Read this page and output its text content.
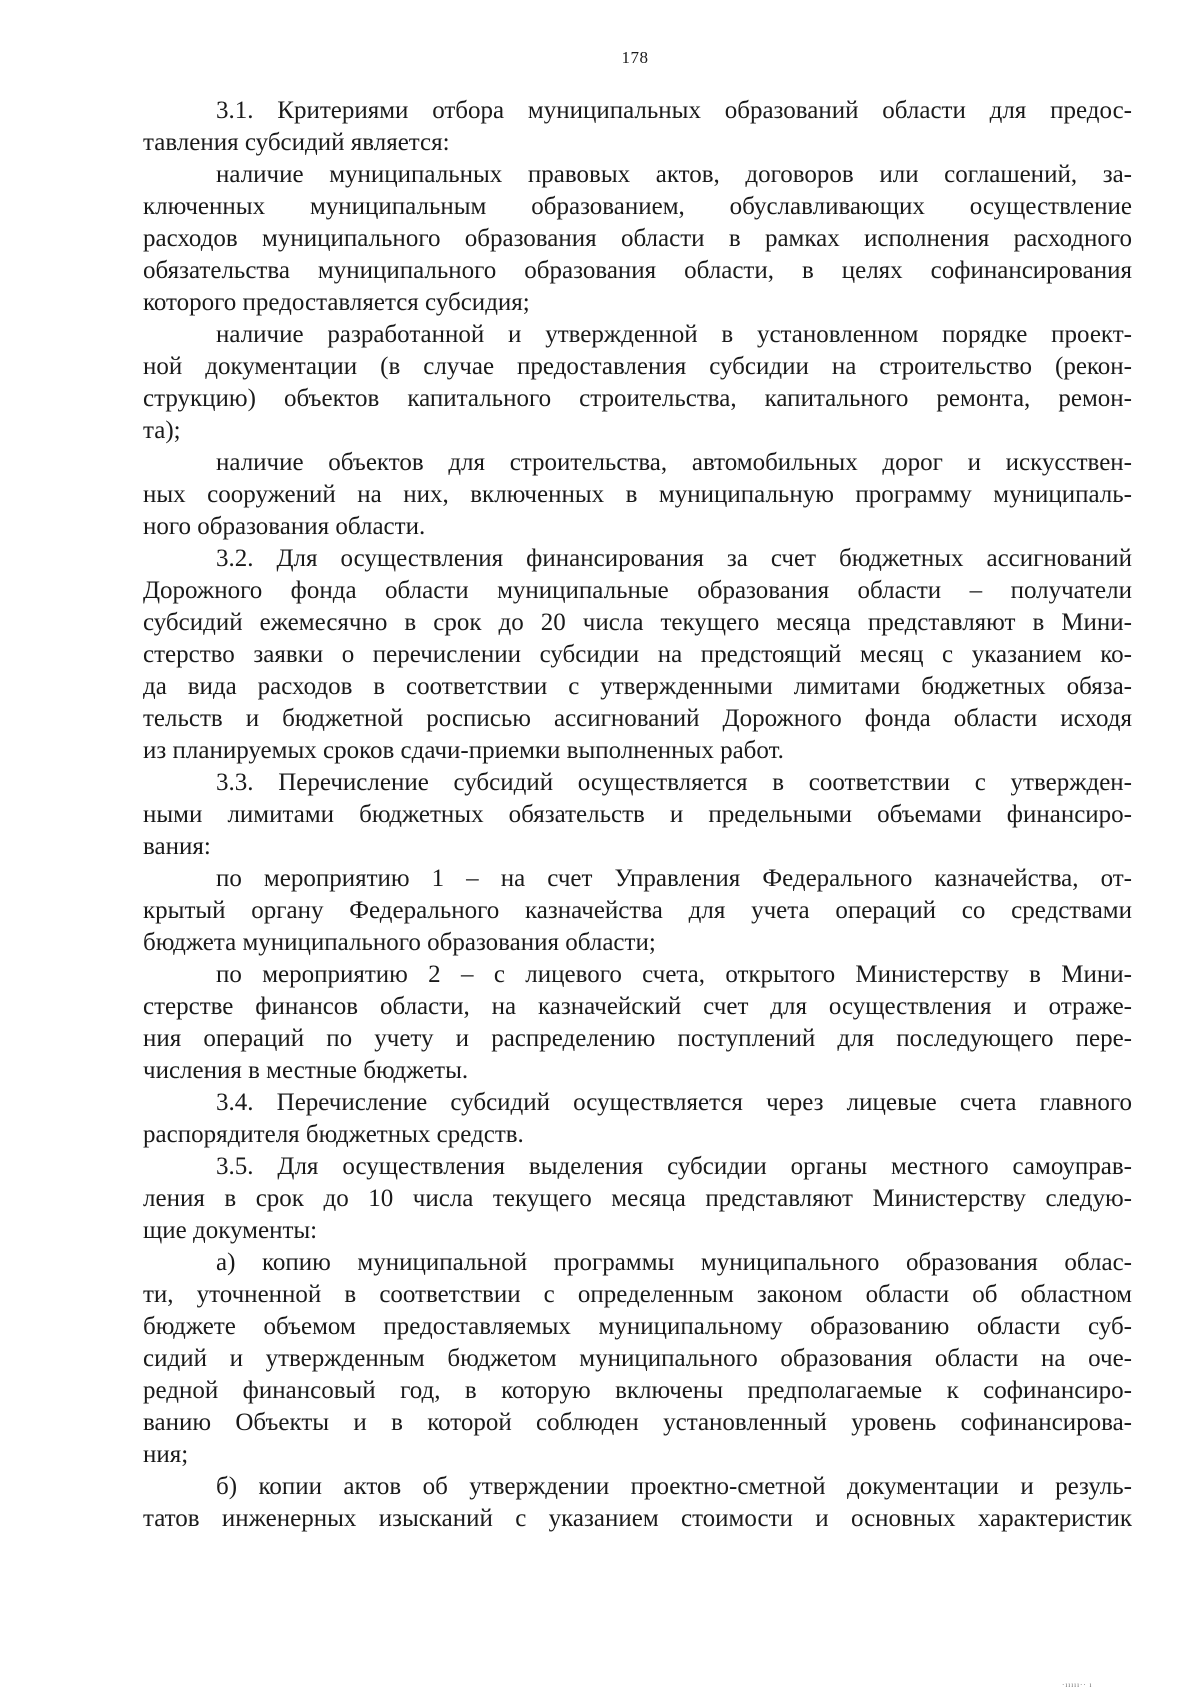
178
3.1. Критериями отбора муниципальных образований области для предос-
тавления субсидий является:
наличие муниципальных правовых актов, договоров или соглашений, за-
ключенных муниципальным образованием, обуславливающих осуществление
расходов муниципального образования области в рамках исполнения расходного
обязательства муниципального образования области, в целях софинансирования
которого предоставляется субсидия;
наличие разработанной и утвержденной в установленном порядке проект-
ной документации (в случае предоставления субсидии на строительство (рекон-
струкцию) объектов капитального строительства, капитального ремонта, ремон-
та);
наличие объектов для строительства, автомобильных дорог и искусствен-
ных сооружений на них, включенных в муниципальную программу муниципаль-
ного образования области.
3.2. Для осуществления финансирования за счет бюджетных ассигнований
Дорожного фонда области муниципальные образования области – получатели
субсидий ежемесячно в срок до 20 числа текущего месяца представляют в Мини-
стерство заявки о перечислении субсидии на предстоящий месяц с указанием ко-
да вида расходов в соответствии с утвержденными лимитами бюджетных обяза-
тельств и бюджетной росписью ассигнований Дорожного фонда области исходя
из планируемых сроков сдачи-приемки выполненных работ.
3.3. Перечисление субсидий осуществляется в соответствии с утвержден-
ными лимитами бюджетных обязательств и предельными объемами финансиро-
вания:
по мероприятию 1 – на счет Управления Федерального казначейства, от-
крытый органу Федерального казначейства для учета операций со средствами
бюджета муниципального образования области;
по мероприятию 2 – с лицевого счета, открытого Министерству в Мини-
стерстве финансов области, на казначейский счет для осуществления и отраже-
ния операций по учету и распределению поступлений для последующего пере-
числения в местные бюджеты.
3.4. Перечисление субсидий осуществляется через лицевые счета главного
распорядителя бюджетных средств.
3.5. Для осуществления выделения субсидии органы местного самоуправ-
ления в срок до 10 числа текущего месяца представляют Министерству следую-
щие документы:
а) копию муниципальной программы муниципального образования облас-
ти, уточненной в соответствии с определенным законом области об областном
бюджете объемом предоставляемых муниципальному образованию области суб-
сидий и утвержденным бюджетом муниципального образования области на оче-
редной финансовый год, в которую включены предполагаемые к софинансиро-
ванию Объекты и в которой соблюден установленный уровень софинансирова-
ния;
б) копии актов об утверждении проектно-сметной документации и резуль-
татов инженерных изысканий с указанием стоимости и основных характеристик
·ııııı·· ı
